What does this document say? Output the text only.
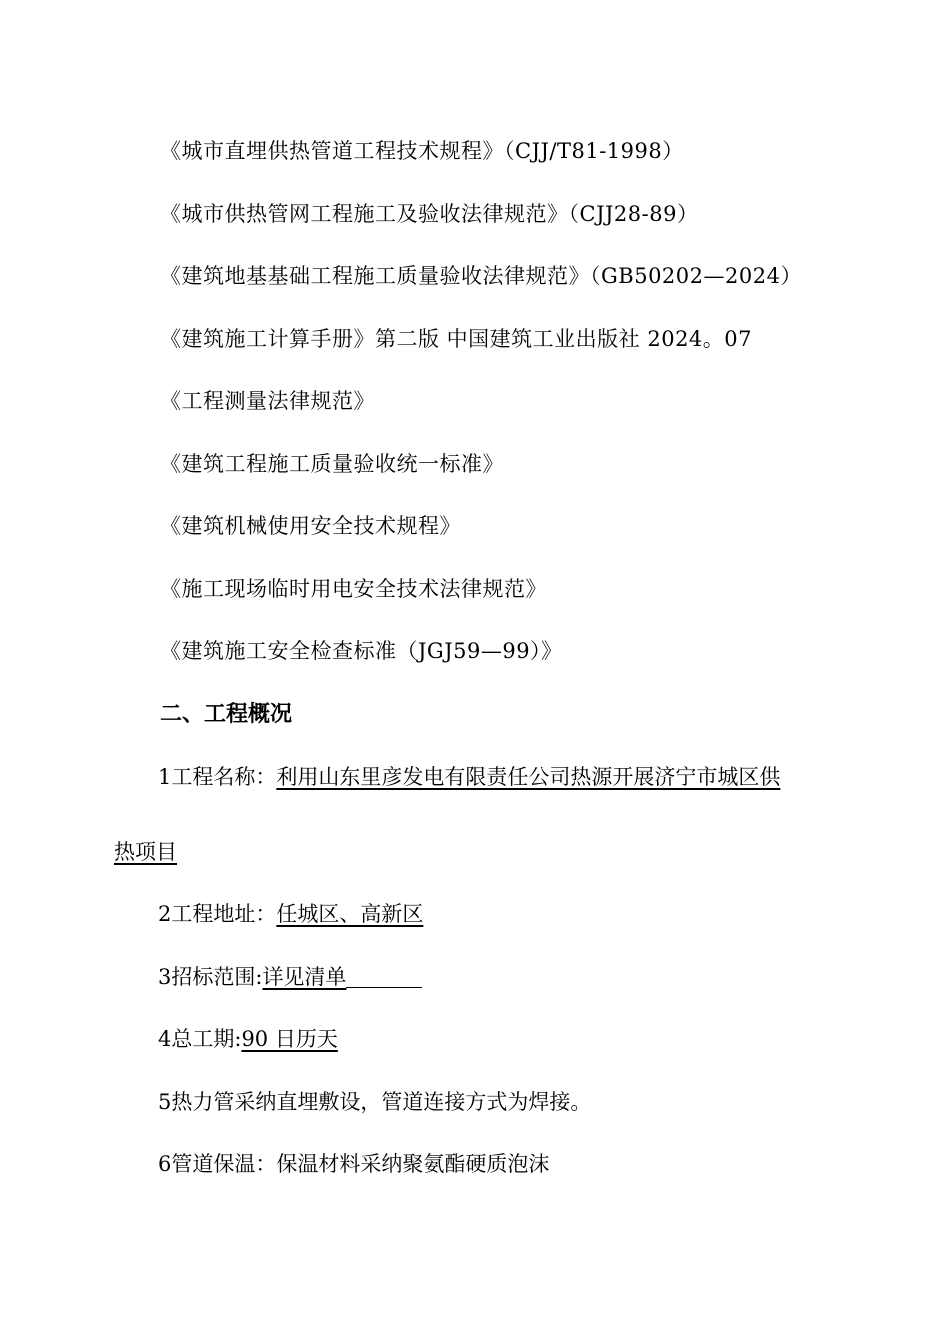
《城市直埋供热管道工程技术规程》（CJJ/T81-1998）
《城市供热管网工程施工及验收法律规范》（CJJ28-89）
《建筑地基基础工程施工质量验收法律规范》（GB50202—2024）
《建筑施工计算手册》第二版 中国建筑工业出版社 2024。07
《工程测量法律规范》
《建筑工程施工质量验收统一标准》
《建筑机械使用安全技术规程》
《施工现场临时用电安全技术法律规范》
《建筑施工安全检查标准（JGJ59—99）》
二、工程概况
1工程名称：利用山东里彦发电有限责任公司热源开展济宁市城区供
热项目
2工程地址：任城区、高新区
3招标范围:详见清单
4总工期:90 日历天
5热力管采纳直埋敷设，管道连接方式为焊接。
6管道保温：保温材料采纳聚氨酯硬质泡沫
